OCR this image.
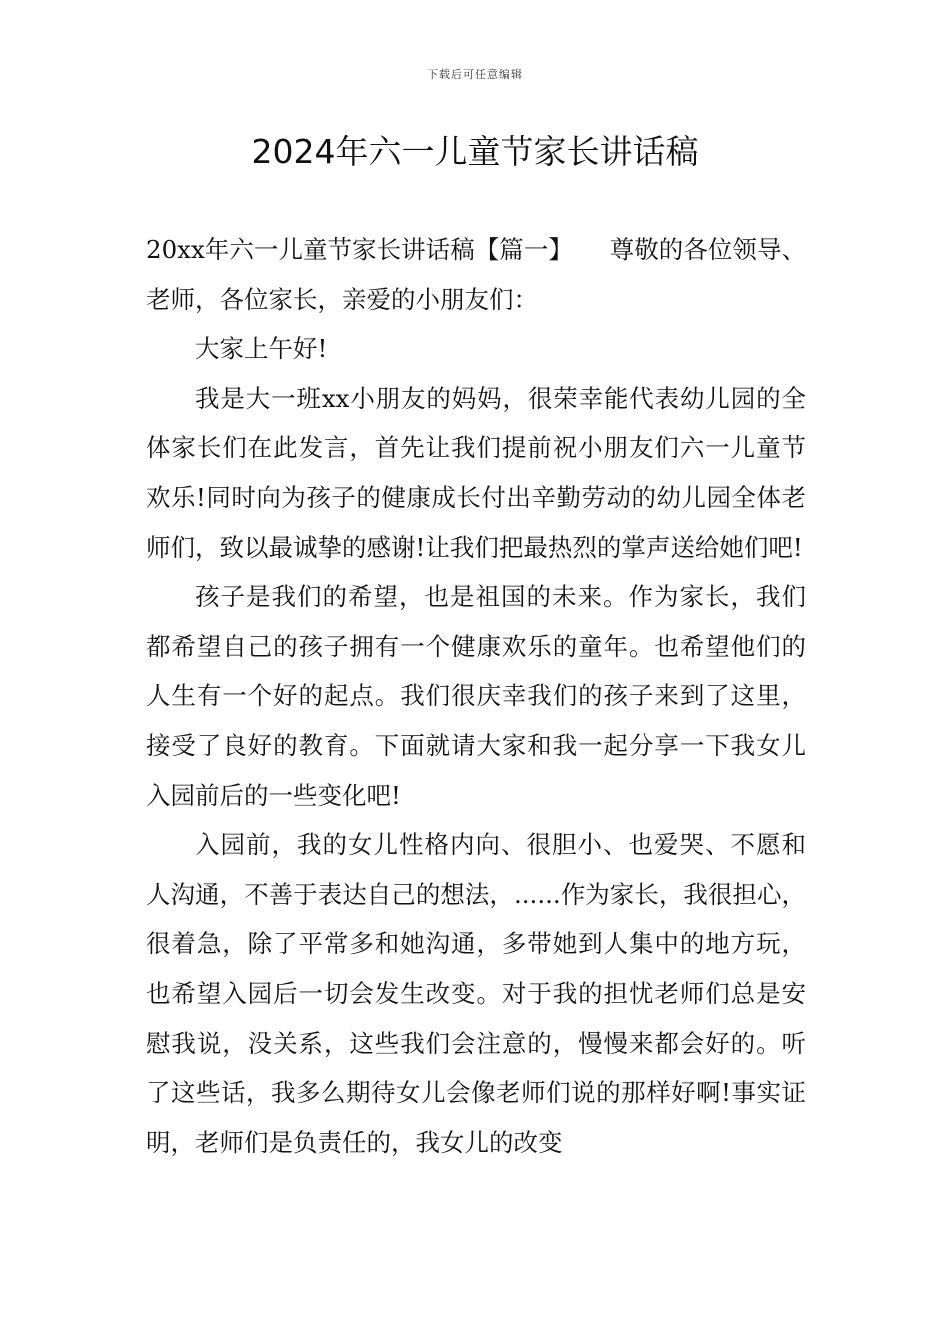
下载后可任意编辑
2024年六一儿童节家长讲话稿

20xx年六一儿童节家长讲话稿【篇一】　　尊敬的各位领导、老师，各位家长，亲爱的小朋友们：

大家上午好!

我是大一班xx小朋友的妈妈，很荣幸能代表幼儿园的全体家长们在此发言，首先让我们提前祝小朋友们六一儿童节欢乐!同时向为孩子的健康成长付出辛勤劳动的幼儿园全体老师们，致以最诚挚的感谢!让我们把最热烈的掌声送给她们吧!

孩子是我们的希望，也是祖国的未来。作为家长，我们都希望自己的孩子拥有一个健康欢乐的童年。也希望他们的人生有一个好的起点。我们很庆幸我们的孩子来到了这里，接受了良好的教育。下面就请大家和我一起分享一下我女儿入园前后的一些变化吧!

入园前，我的女儿性格内向、很胆小、也爱哭、不愿和人沟通，不善于表达自己的想法，......作为家长，我很担心，很着急，除了平常多和她沟通，多带她到人集中的地方玩，也希望入园后一切会发生改变。对于我的担忧老师们总是安慰我说，没关系，这些我们会注意的，慢慢来都会好的。听了这些话，我多么期待女儿会像老师们说的那样好啊!事实证明，老师们是负责任的，我女儿的改变
